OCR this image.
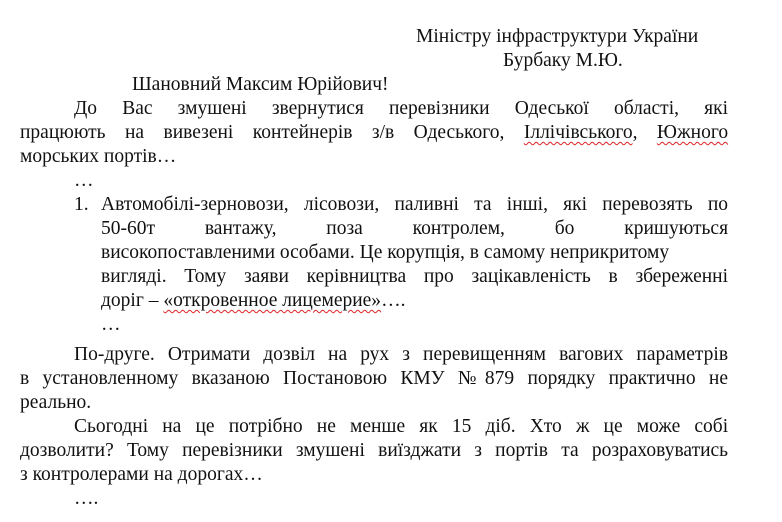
Міністру інфраструктури України
Бурбаку М.Ю.
Шановний Максим Юрійович!
До Вас змушені звернутися перевізники Одеської області, які
працюють на вивезені контейнерів з/в Одеського, Іллічівського, Южного
морських портів…
…
1. Автомобілі-зерновози, лісовози, паливні та інші, які перевозять по
50-60т	вантажу,	поза	контролем,	бо	кришуються
високопоставленими особами. Це корупція, в самому неприкритому
вигляді. Тому заяви керівництва про зацікавленість в збереженні
доріг – «откровенное лицемерие»….
…
По-друге. Отримати дозвіл на рух з перевищенням вагових параметрів
в установленному вказаною Постановою КМУ №879 порядку практично не
реально.
Сьогодні на це потрібно не менше як 15 діб. Хто ж це може собі
дозволити? Тому перевізники змушені виїзджати з портів та розраховуватись
з контролерами на дорогах…
….
